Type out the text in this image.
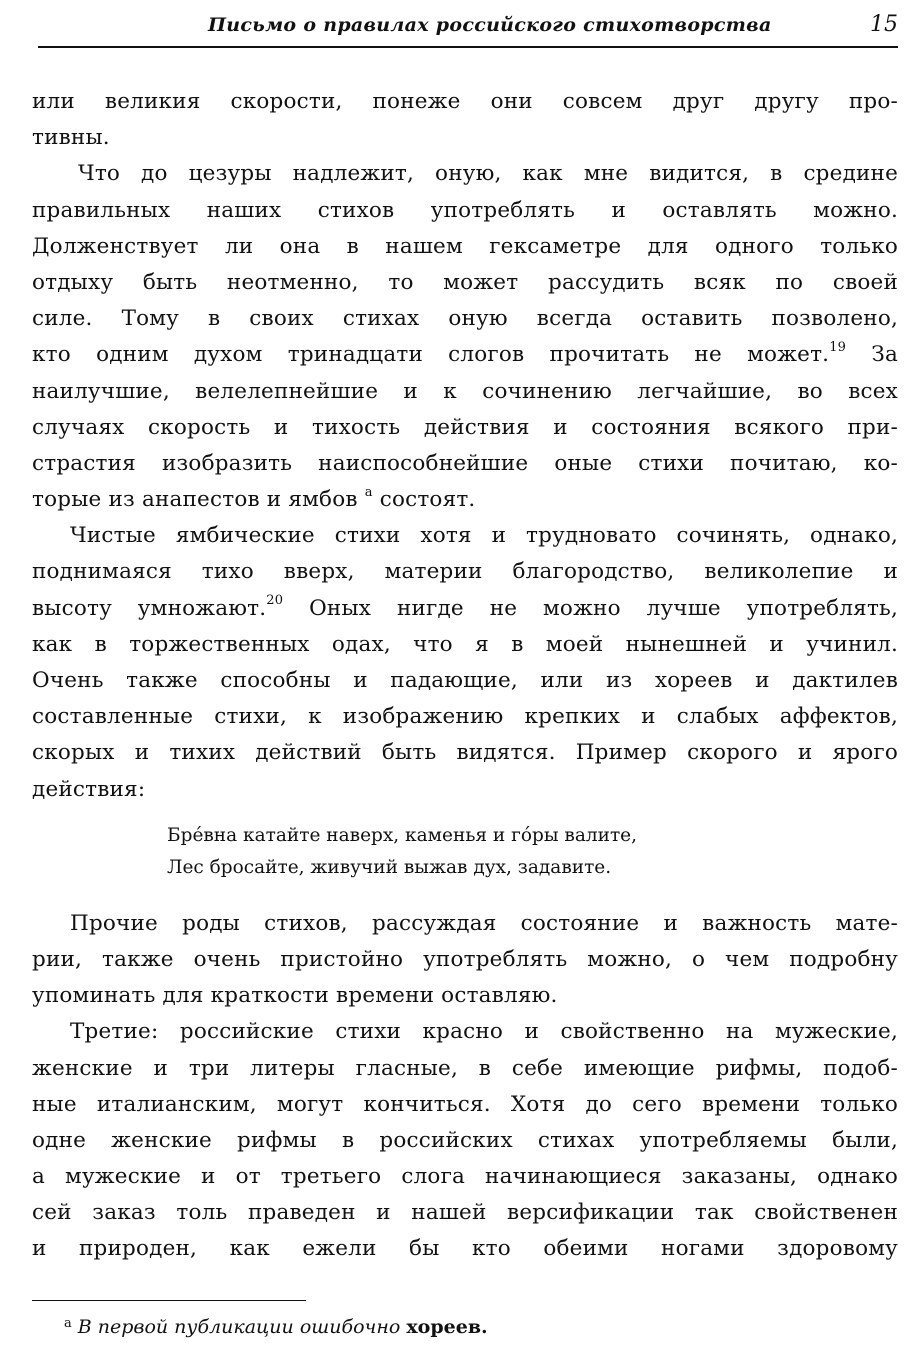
Письмо о правилах российского стихотворства	15
или великия скорости, понеже они совсем друг другу про-
тивны.
Что до цезуры надлежит, оную, как мне видится, в средине
правильных наших стихов употреблять и оставлять можно.
Долженствует ли она в нашем гексаметре для одного только
отдыху быть неотменно, то может рассудить всяк по своей
силе. Тому в своих стихах оную всегда оставить позволено,
кто одним духом тринадцати слогов прочитать не может.$^{19}$ За
наилучшие, велелепнейшие и к сочинению легчайшие, во всех
случаях скорость и тихость действия и состояния всякого при-
страстия изобразить наиспособнейшие оные стихи почитаю, ко-
торые из анапестов и ямбов $^a$ состоят.
Чистые ямбические стихи хотя и трудновато сочинять, однако,
поднимаяся тихо вверх, материи благородство, великолепие и
высоту умножают.$^{20}$ Оных нигде не можно лучше употреблять,
как в торжественных одах, что я в моей нынешней и учинил.
Очень также способны и падающие, или из хореев и дактилев
составленные стихи, к изображению крепких и слабых аффектов,
скорых и тихих действий быть видятся. Пример скорого и ярого
действия:
Брéвна катайте наверх, каменья и гóры валите,
Лес бросайте, живучий выжав дух, задавите.
Прочие роды стихов, рассуждая состояние и важность мате-
рии, также очень пристойно употреблять можно, о чем подробну
упоминать для краткости времени оставляю.
Третие: российские стихи красно и свойственно на мужеские,
женские и три литеры гласные, в себе имеющие рифмы, подоб-
ные италианским, могут кончиться. Хотя до сего времени только
одне женские рифмы в российских стихах употребляемы были,
а мужеские и от третьего слога начинающиеся заказаны, однако
сей заказ толь праведен и нашей версификации так свойственен
и природен, как ежели бы кто обеими ногами здоровому
$^a$ В первой публикации ошибочно хореев.
